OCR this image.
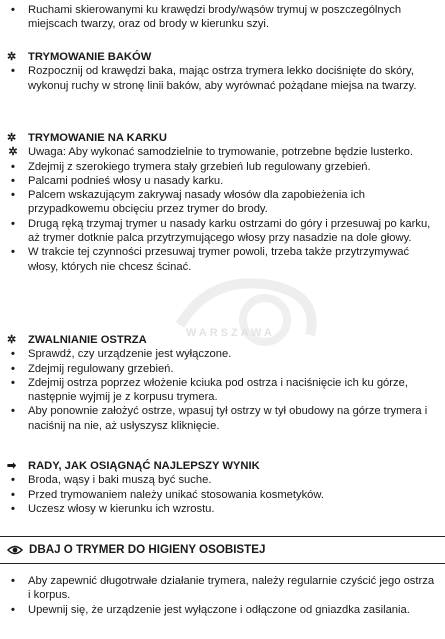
WARSZAWA
•	Ruchami skierowanymi ku krawędzi brody/wąsów trymuj w poszczególnych miejscach twarzy, oraz od brody w kierunku szyi.
✲	TRYMOWANIE BAKÓW
•	Rozpocznij od krawędzi baka, mając ostrza trymera lekko dociśnięte do skóry, wykonuj ruchy w stronę linii baków, aby wyrównać pożądane miejsa na twarzy.
✲	TRYMOWANIE NA KARKU
✲ Uwaga: Aby wykonać samodzielnie to trymowanie, potrzebne będzie lusterko.
•	Zdejmij z szerokiego trymera stały grzebień lub regulowany grzebień.
•	Palcami podnieś włosy u nasady karku.
•	Palcem wskazującym zakrywaj nasady włosów dla zapobieżenia ich przypadkowemu obcięciu przez trymer do brody.
•	Drugą ręką trzymaj trymer u nasady karku ostrzami do góry i przesuwaj po karku, aż trymer dotknie palca przytrzymującego włosy przy nasadzie na dole głowy.
•	W trakcie tej czynności przesuwaj trymer powoli, trzeba także przytrzymywać włosy, których nie chcesz ścinać.
✲	ZWALNIANIE OSTRZA
•	Sprawdź, czy urządzenie jest wyłączone.
•	Zdejmij regulowany grzebień.
•	Zdejmij ostrza poprzez włożenie kciuka pod ostrza i naciśnięcie ich ku górze, następnie wyjmij je z korpusu trymera.
•	Aby ponownie założyć ostrze, wpasuj tył ostrzy w tył obudowy na górze trymera i naciśnij na nie, aż usłyszysz kliknięcie.
➡	RADY, JAK OSIĄGNĄĆ NAJLEPSZY WYNIK
•	Broda, wąsy i baki muszą być suche.
•	Przed trymowaniem należy unikać stosowania kosmetyków.
•	Uczesz włosy w kierunku ich wzrostu.
DBAJ O TRYMER DO HIGIENY OSOBISTEJ
•	Aby zapewnić długotrwałe działanie trymera, należy regularnie czyścić jego ostrza i korpus.
•	Upewnij się, że urządzenie jest wyłączone i odłączone od gniazdka zasilania.
